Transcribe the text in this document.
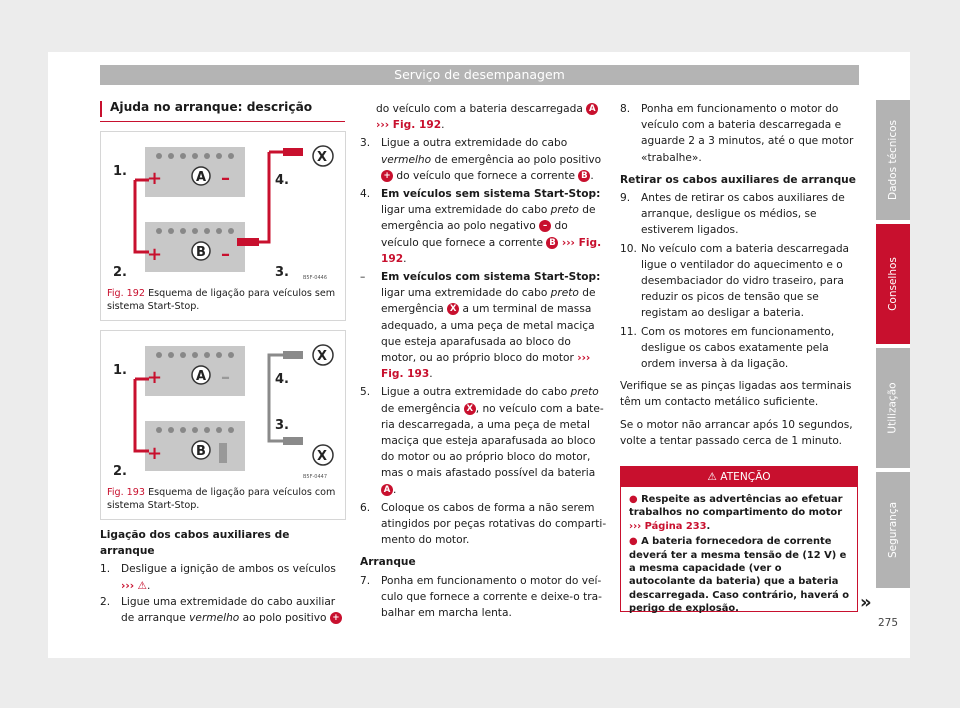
Serviço de desempanagem
Dados técnicos
Conselhos
Utilização
Segurança
Ajuda no arranque: descrição
+	–
+	–
A
B
X
1.
2.	3.
4.
B5F-0446
Fig. 192 Esquema de ligação para veículos sem sistema Start-Stop.
+	–
+
A
B
X
X
1.
2.
3.
4.
B5F-0447
Fig. 193 Esquema de ligação para veículos com sistema Start-Stop.
Ligação dos cabos auxiliares de arranque
1. Desligue a ignição de ambos os veículos
››› ⚠.
2. Ligue uma extremidade do cabo auxiliar de arranque vermelho ao polo positivo +
do veículo com a bateria descarregada A
››› Fig. 192.
3. Ligue a outra extremidade do cabo vermelho de emergência ao polo positivo + do veículo que fornece a corrente B .
4. Em veículos sem sistema Start-Stop: ligar uma extremidade do cabo preto de emergência ao polo negativo – do veículo que fornece a corrente B ››› Fig. 192.
– Em veículos com sistema Start-Stop: ligar uma extremidade do cabo preto de emergência X a um terminal de massa adequado, a uma peça de metal maciça que esteja aparafusada ao bloco do motor, ou ao próprio bloco do motor ››› Fig. 193.
5. Ligue a outra extremidade do cabo preto de emergência X , no veículo com a bateria descarregada, a uma peça de metal maciça que esteja aparafusada ao bloco do motor ou ao próprio bloco do motor, mas o mais afastado possível da bateria A .
6. Coloque os cabos de forma a não serem atingidos por peças rotativas do compartimento do motor.
Arranque
7. Ponha em funcionamento o motor do veículo que fornece a corrente e deixe-o trabalhar em marcha lenta.
8. Ponha em funcionamento o motor do veículo com a bateria descarregada e aguarde 2 a 3 minutos, até o que motor «trabalhe».
Retirar os cabos auxiliares de arranque
9. Antes de retirar os cabos auxiliares de arranque, desligue os médios, se estiverem ligados.
10. No veículo com a bateria descarregada ligue o ventilador do aquecimento e o desembaciador do vidro traseiro, para reduzir os picos de tensão que se registam ao desligar a bateria.
11. Com os motores em funcionamento, desligue os cabos exatamente pela ordem inversa à da ligação.
Verifique se as pinças ligadas aos terminais têm um contacto metálico suficiente.
Se o motor não arrancar após 10 segundos, volte a tentar passado cerca de 1 minuto.
⚠ ATENÇÃO

● Respeite as advertências ao efetuar trabalhos no compartimento do motor ››› Página 233.

● A bateria fornecedora de corrente deverá ter a mesma tensão de (12 V) e a mesma capacidade (ver o autocolante da bateria) que a bateria descarregada. Caso contrário, haverá o perigo de explosão.	»
275
